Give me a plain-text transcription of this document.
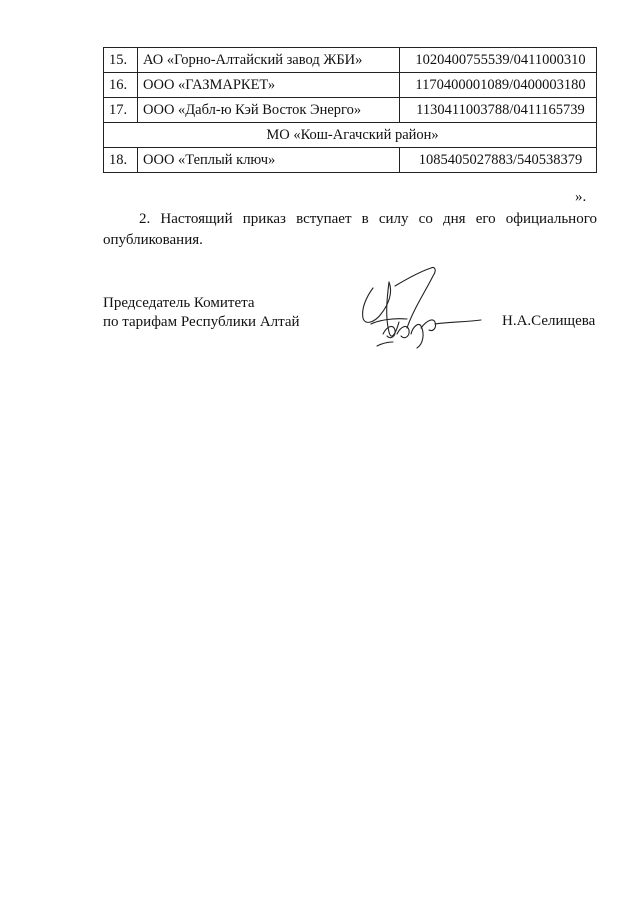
15.	АО «Горно-Алтайский завод ЖБИ»	1020400755539/0411000310
16.	ООО «ГАЗМАРКЕТ»	1170400001089/0400003180
17.	ООО «Дабл-ю Кэй Восток Энерго»	1130411003788/0411165739
МО «Кош-Агачский район»		
18.	ООО «Теплый ключ»	1085405027883/540538379
».

2. Настоящий приказ вступает в силу со дня его официального опубликования.

Председатель Комитета
по тарифам Республики Алтай	Н.А.Селищева
